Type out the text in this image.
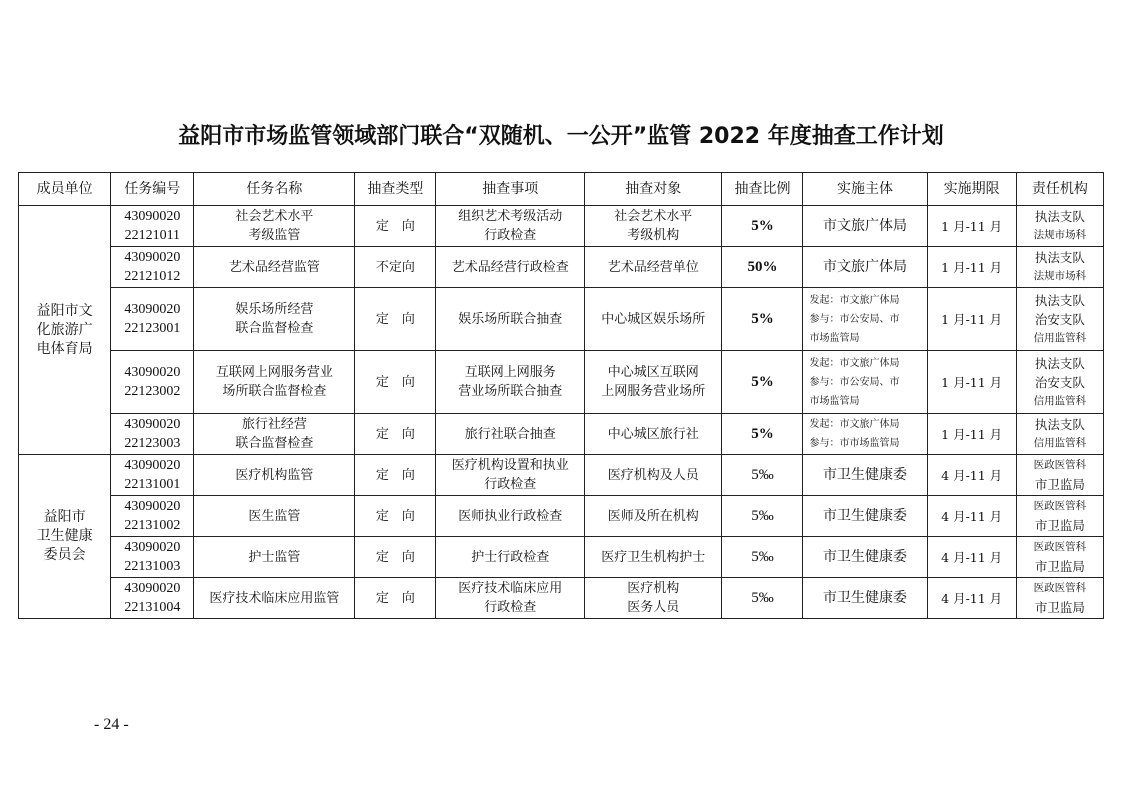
益阳市市场监管领域部门联合“双随机、一公开”监管 2022 年度抽查工作计划
成员单位	任务编号	任务名称	抽查类型	抽查事项	抽查对象	抽查比例	实施主体	实施期限	责任机构

益阳市文
化旅游广
电体育局	43090020
22121011	社会艺术水平
考级监管	定　向	组织艺术考级活动
行政检查	社会艺术水平
考级机构	5%	市文旅广体局	1 月-11 月	执法支队
法规市场科

	43090020
22121012	艺术品经营监管	不定向	艺术品经营行政检查	艺术品经营单位	50%	市文旅广体局	1 月-11 月	执法支队
法规市场科

	43090020
22123001	娱乐场所经营
联合监督检查	定　向	娱乐场所联合抽查	中心城区娱乐场所	5%	发起：市文旅广体局
参与：市公安局、市
市场监管局	1 月-11 月	执法支队
治安支队
信用监管科

	43090020
22123002	互联网上网服务营业
场所联合监督检查	定　向	互联网上网服务
营业场所联合抽查	中心城区互联网
上网服务营业场所	5%	发起：市文旅广体局
参与：市公安局、市
市场监管局	1 月-11 月	执法支队
治安支队
信用监管科

	43090020
22123003	旅行社经营
联合监督检查	定　向	旅行社联合抽查	中心城区旅行社	5%	发起：市文旅广体局
参与：市市场监管局	1 月-11 月	执法支队
信用监管科

益阳市
卫生健康
委员会	43090020
22131001	医疗机构监管	定　向	医疗机构设置和执业
行政检查	医疗机构及人员	5‰	市卫生健康委	4 月-11 月	医政医管科
市卫监局

	43090020
22131002	医生监管	定　向	医师执业行政检查	医师及所在机构	5‰	市卫生健康委	4 月-11 月	医政医管科
市卫监局

	43090020
22131003	护士监管	定　向	护士行政检查	医疗卫生机构护士	5‰	市卫生健康委	4 月-11 月	医政医管科
市卫监局

	43090020
22131004	医疗技术临床应用监管	定　向	医疗技术临床应用
行政检查	医疗机构
医务人员	5‰	市卫生健康委	4 月-11 月	医政医管科
市卫监局
- 24 -
